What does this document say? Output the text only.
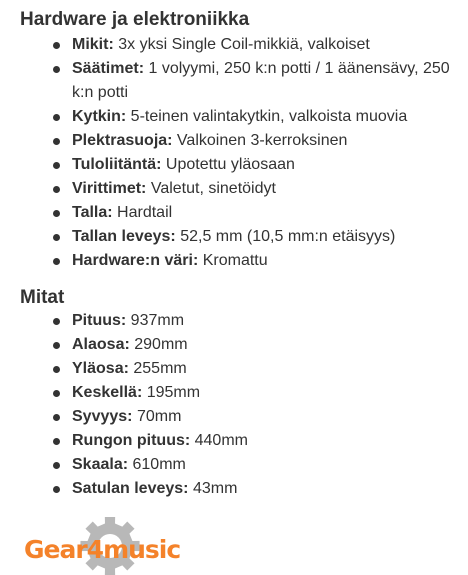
Hardware ja elektroniikka
Mikit: 3x yksi Single Coil-mikkiä, valkoiset
Säätimet: 1 volyymi, 250 k:n potti / 1 äänensävy, 250 k:n potti
Kytkin: 5-teinen valintakytkin, valkoista muovia
Plektrasuoja: Valkoinen 3-kerroksinen
Tuloliitäntä: Upotettu yläosaan
Virittimet: Valetut, sinetöidyt
Talla: Hardtail
Tallan leveys: 52,5 mm (10,5 mm:n etäisyys)
Hardware:n väri: Kromattu
Mitat
Pituus: 937mm
Alaosa: 290mm
Yläosa: 255mm
Keskellä: 195mm
Syvyys: 70mm
Rungon pituus: 440mm
Skaala: 610mm
Satulan leveys: 43mm
Gear4music
